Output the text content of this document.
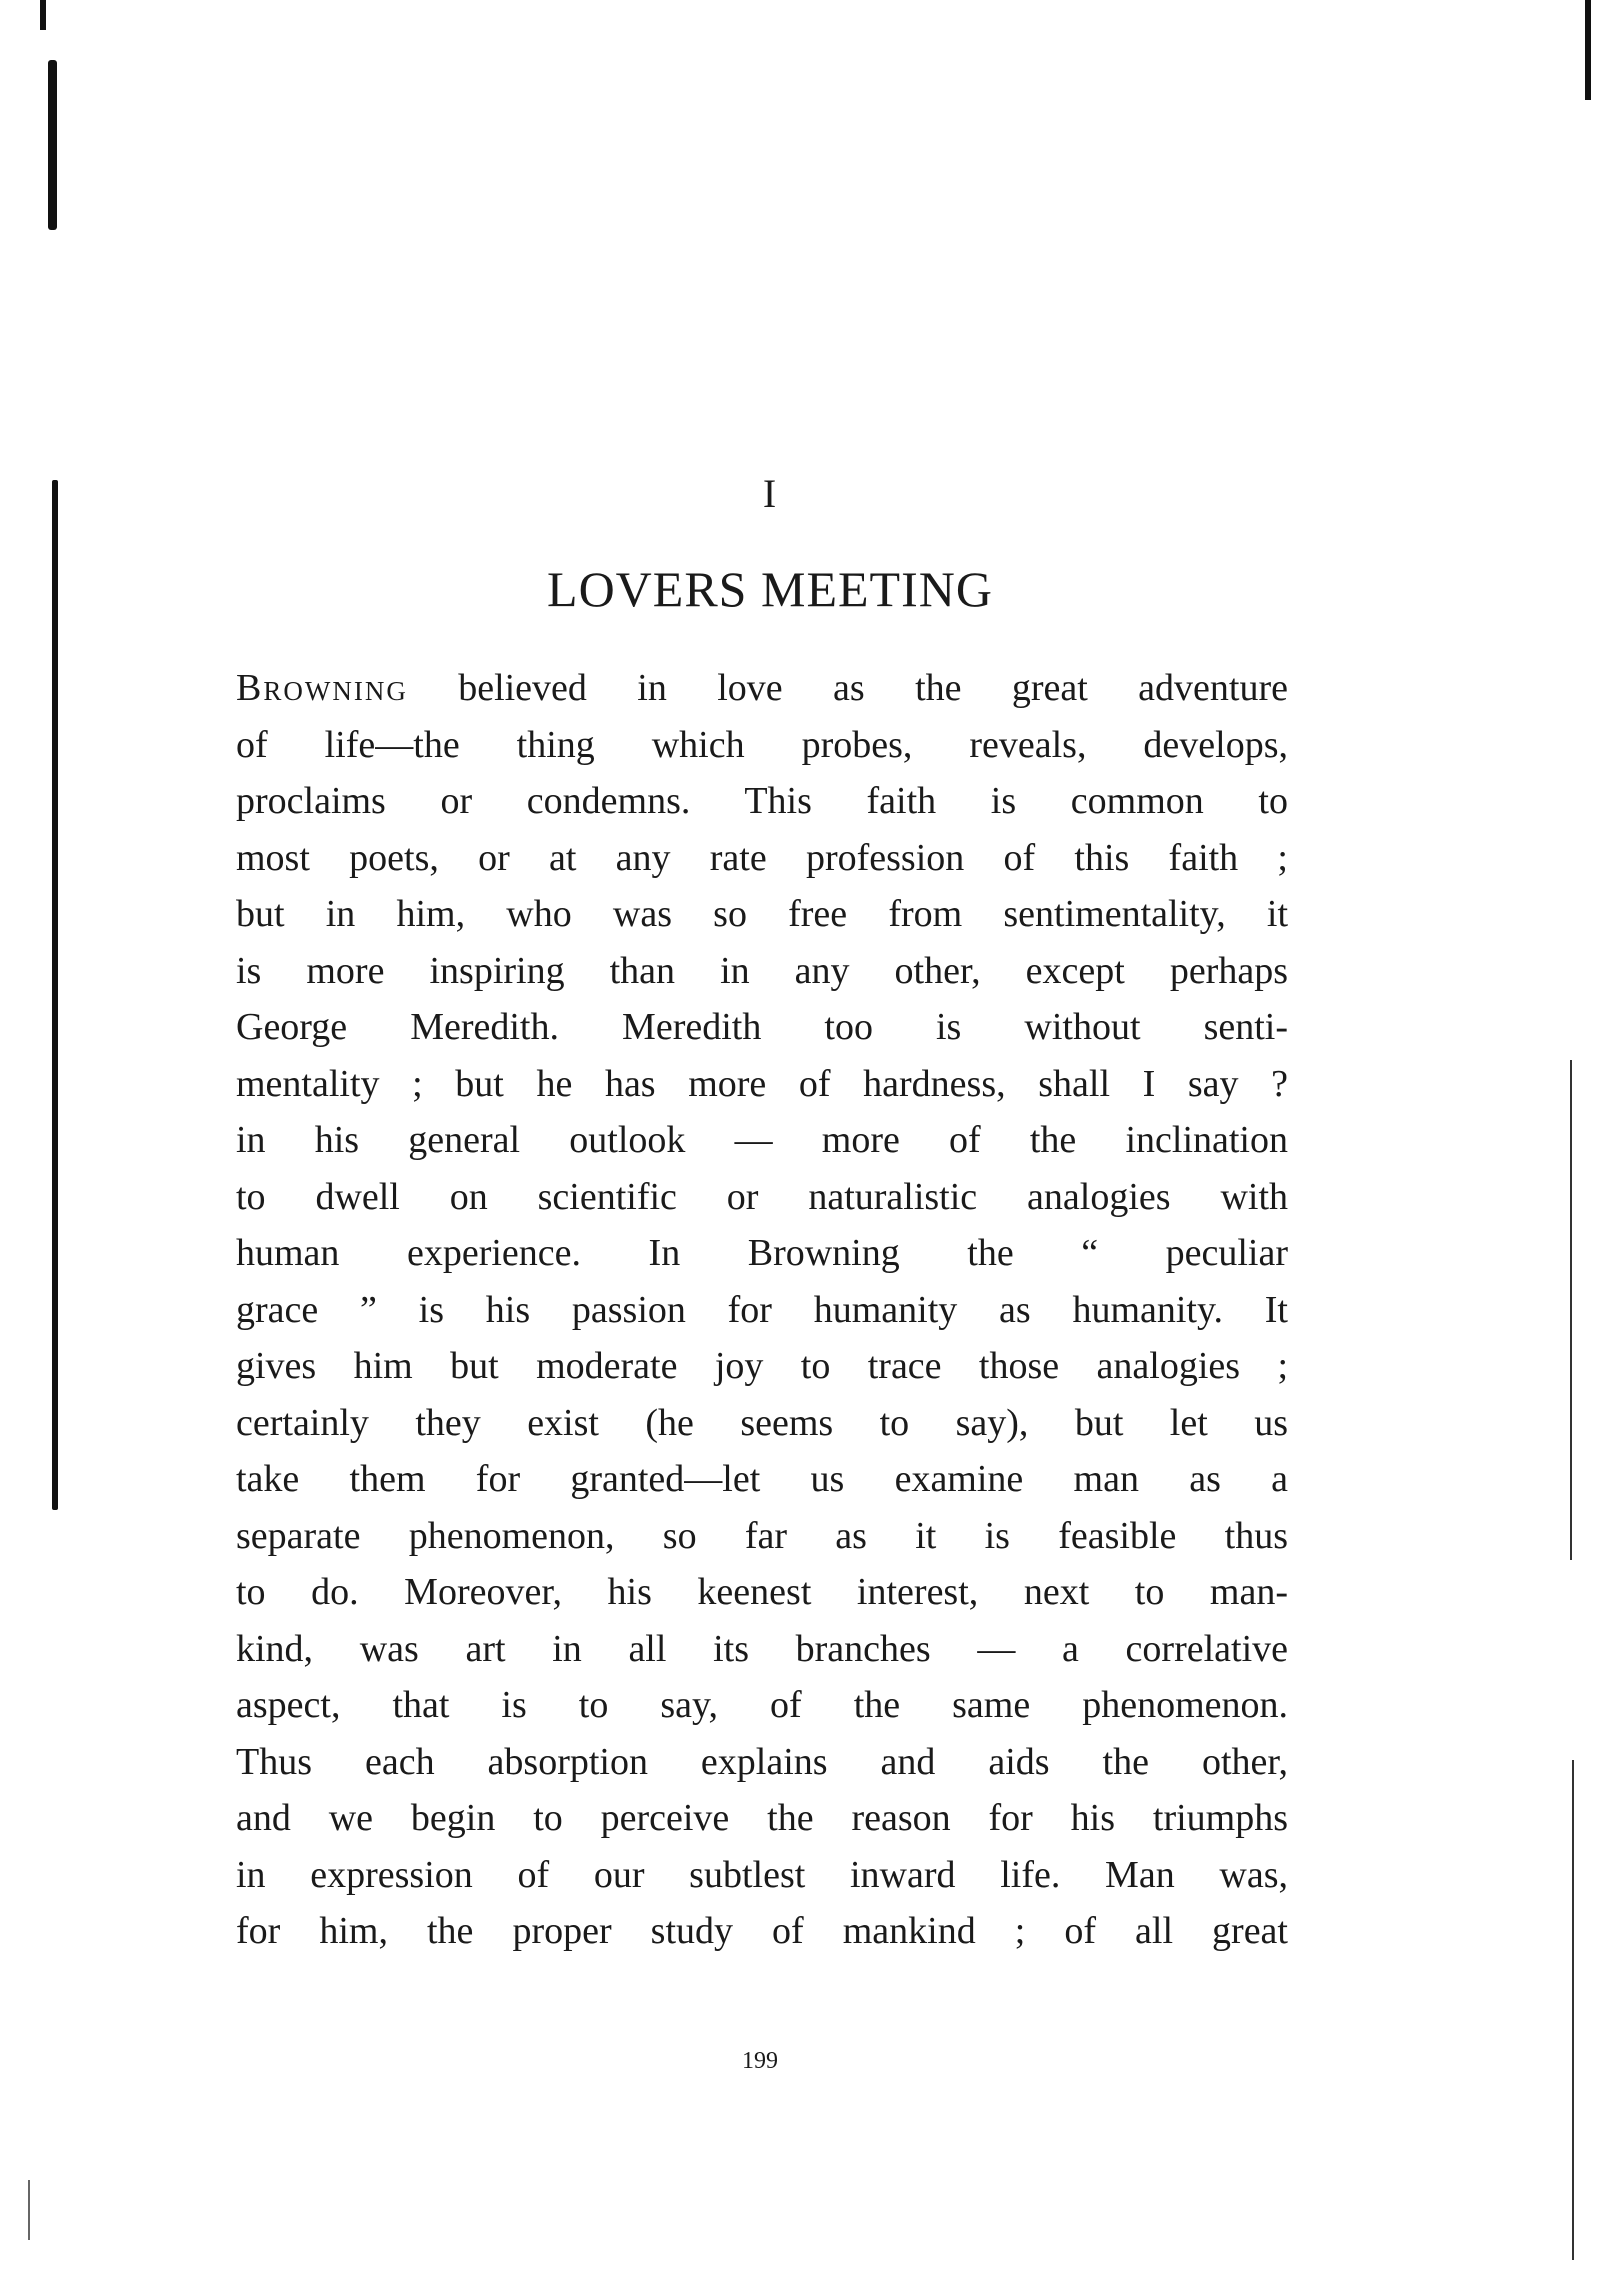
I
LOVERS MEETING
Browning believed in love as the great adventure
of life—the thing which probes, reveals, develops,
proclaims or condemns. This faith is common to
most poets, or at any rate profession of this faith ;
but in him, who was so free from sentimentality, it
is more inspiring than in any other, except perhaps
George Meredith. Meredith too is without senti-
mentality ; but he has more of hardness, shall I say ?
in his general outlook — more of the inclination
to dwell on scientific or naturalistic analogies with
human experience. In Browning the “ peculiar
grace ” is his passion for humanity as humanity. It
gives him but moderate joy to trace those analogies ;
certainly they exist (he seems to say), but let us
take them for granted—let us examine man as a
separate phenomenon, so far as it is feasible thus
to do. Moreover, his keenest interest, next to man-
kind, was art in all its branches — a correlative
aspect, that is to say, of the same phenomenon.
Thus each absorption explains and aids the other,
and we begin to perceive the reason for his triumphs
in expression of our subtlest inward life. Man was,
for him, the proper study of mankind ; of all great
199
